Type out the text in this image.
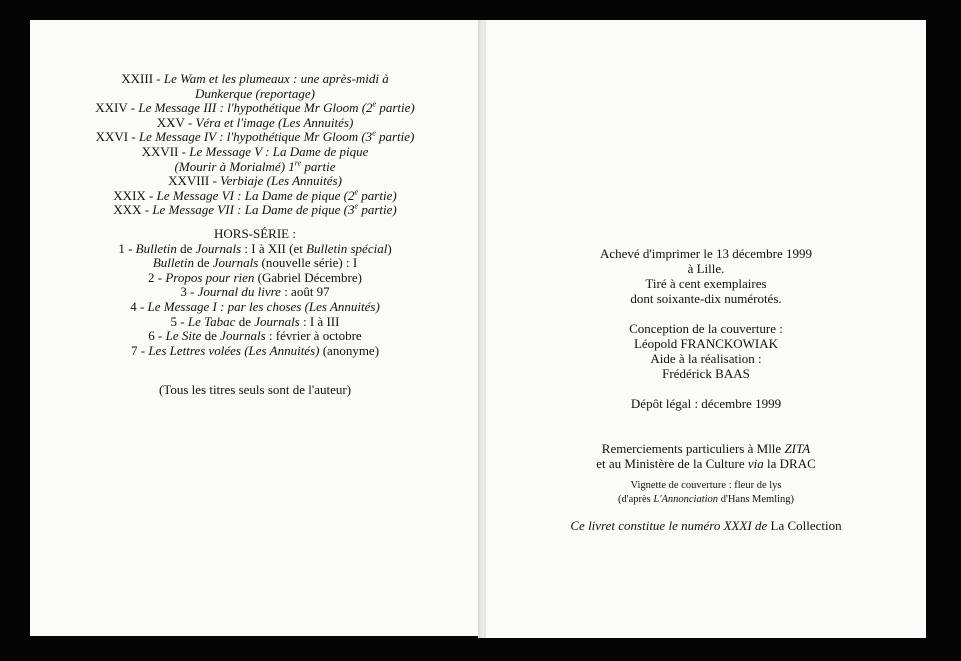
XXIII - Le Wam et les plumeaux : une après-midi à
Dunkerque (reportage)
XXIV - Le Message III : l'hypothétique Mr Gloom (2e partie)
XXV - Véra et l'image (Les Annuités)
XXVI - Le Message IV : l'hypothétique Mr Gloom (3e partie)
XXVII - Le Message V : La Dame de pique
(Mourir à Morialmé) 1re partie
XXVIII - Verbiaje (Les Annuités)
XXIX - Le Message VI : La Dame de pique (2e partie)
XXX - Le Message VII : La Dame de pique (3e partie)
HORS-SÉRIE :
1 - Bulletin de Journals : I à XII (et Bulletin spécial)
Bulletin de Journals (nouvelle série) : I
2 - Propos pour rien (Gabriel Décembre)
3 - Journal du livre : août 97
4 - Le Message I : par les choses (Les Annuités)
5 - Le Tabac de Journals : I à III
6 - Le Site de Journals : février à octobre
7 - Les Lettres volées (Les Annuités) (anonyme)
(Tous les titres seuls sont de l'auteur)
Achevé d'imprimer le 13 décembre 1999
à Lille.
Tiré à cent exemplaires
dont soixante-dix numérotés.
Conception de la couverture :
Léopold FRANCKOWIAK
Aide à la réalisation :
Frédérick BAAS
Dépôt légal : décembre 1999
Remerciements particuliers à Mlle ZITA
et au Ministère de la Culture via la DRAC
Vignette de couverture : fleur de lys
(d'après L'Annonciation d'Hans Memling)
Ce livret constitue le numéro XXXI de La Collection
